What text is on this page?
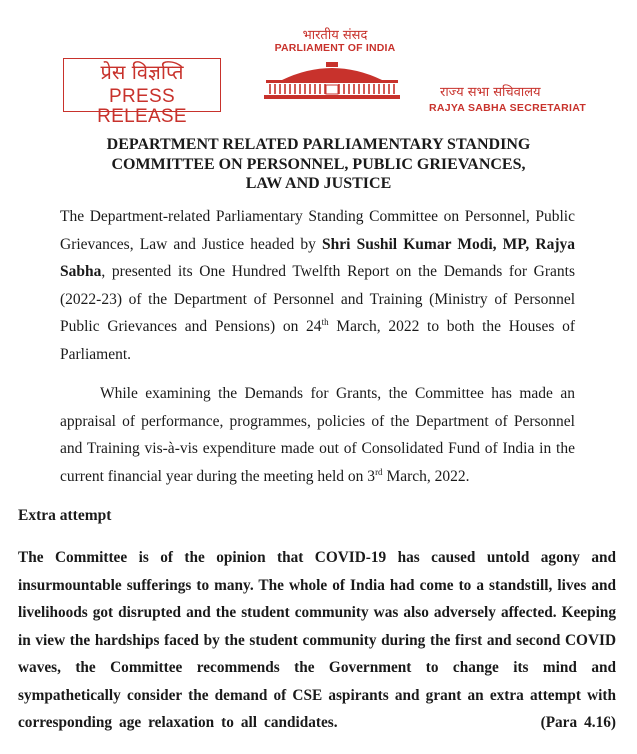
प्रेस विज्ञप्ति
PRESS RELEASE
भारतीय संसद
PARLIAMENT OF INDIA
राज्य सभा सचिवालय
RAJYA SABHA SECRETARIAT
DEPARTMENT RELATED PARLIAMENTARY STANDING
COMMITTEE ON PERSONNEL, PUBLIC GRIEVANCES,
LAW AND JUSTICE
The Department-related Parliamentary Standing Committee on Personnel, Public Grievances, Law and Justice headed by Shri Sushil Kumar Modi, MP, Rajya Sabha, presented its One Hundred Twelfth Report on the Demands for Grants (2022-23) of the Department of Personnel and Training (Ministry of Personnel Public Grievances and Pensions) on 24th March, 2022 to both the Houses of Parliament.
While examining the Demands for Grants, the Committee has made an appraisal of performance, programmes, policies of the Department of Personnel and Training vis-à-vis expenditure made out of Consolidated Fund of India in the current financial year during the meeting held on 3rd March, 2022.
Extra attempt
The Committee is of the opinion that COVID-19 has caused untold agony and insurmountable sufferings to many. The whole of India had come to a standstill, lives and livelihoods got disrupted and the student community was also adversely affected. Keeping in view the hardships faced by the student community during the first and second COVID waves, the Committee recommends the Government to change its mind and sympathetically consider the demand of CSE aspirants and grant an extra attempt with corresponding age relaxation to all candidates.	(Para 4.16)
